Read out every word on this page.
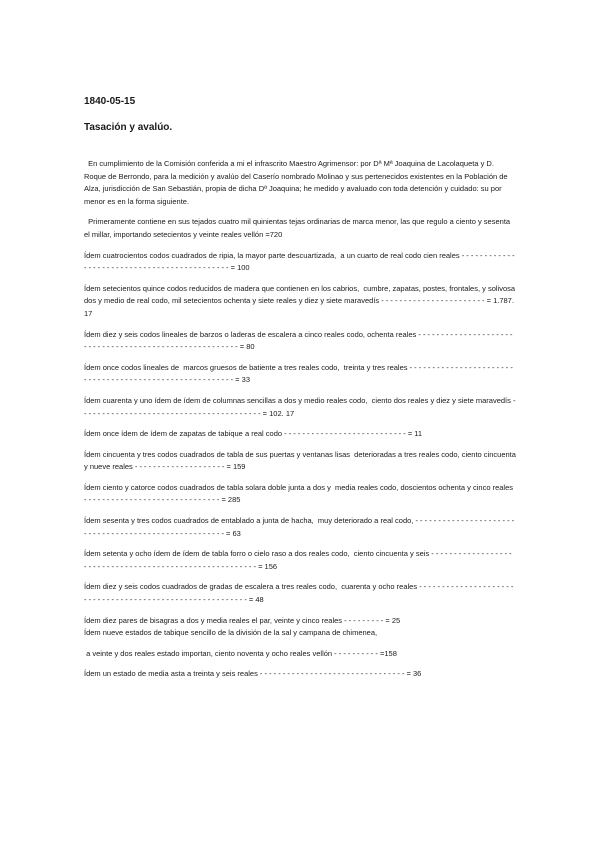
1840-05-15

Tasación y avalúo.

En cumplimiento de la Comisión conferida a mi el infrascrito Maestro Agrimensor: por Dª Mª Joaquina de Lacolaqueta y D. Roque de Berrondo, para la medición y avalúo del Caserío nombrado Molinao y sus pertenecidos existentes en la Población de Alza, jurisdicción de San Sebastián, propia de dicha Dª Joaquina; he medido y avaluado con toda detención y cuidado: su por menor es en la forma siguiente.

Primeramente contiene en sus tejados cuatro mil quinientas tejas ordinarias de marca menor, las que regulo a ciento y sesenta el millar, importando setecientos y veinte reales vellón =720

Ídem cuatrocientos codos cuadrados de ripia, la mayor parte descuartizada,  a un cuarto de real codo cien reales - - - - - - - - - - - - - - - - - - - - - - - - - - - - - - - - - - - - - - - - - - - - = 100

Ídem setecientos quince codos reducidos de madera que contienen en los cabrios,  cumbre, zapatas, postes, frontales, y solivosa dos y medio de real codo, mil setecientos ochenta y siete reales y diez y siete maravedís - - - - - - - - - - - - - - - - - - - - - - - = 1.787. 17

Ídem diez y seis codos lineales de barzos o laderas de escalera a cinco reales codo, ochenta reales - - - - - - - - - - - - - - - - - - - - - - - - - - - - - - - - - - - - - - - - - - - - - - - - - - - - - - - = 80

Ídem once codos lineales de  marcos gruesos de batiente a tres reales codo,  treinta y tres reales - - - - - - - - - - - - - - - - - - - - - - - - - - - - - - - - - - - - - - - - - - - - - - - - - - - - - - - - = 33

Ídem cuarenta y uno ídem de ídem de columnas sencillas a dos y medio reales codo,  ciento dos reales y diez y siete maravedís - - - - - - - - - - - - - - - - - - - - - - - - - - - - - - - - - - - - - - - - = 102. 17

Ídem once ídem de ídem de zapatas de tabique a real codo - - - - - - - - - - - - - - - - - - - - - - - - - - - = 11

Ídem cincuenta y tres codos cuadrados de tabla de sus puertas y ventanas lisas  deterioradas a tres reales codo, ciento cincuenta y nueve reales - - - - - - - - - - - - - - - - - - - - = 159

Ídem ciento y catorce codos cuadrados de tabla solara doble junta a dos y  media reales codo, doscientos ochenta y cinco reales - - - - - - - - - - - - - - - - - - - - - - - - - - - - - - = 285

Ídem sesenta y tres codos cuadrados de entablado a junta de hacha,  muy deteriorado a real codo, - - - - - - - - - - - - - - - - - - - - - - - - - - - - - - - - - - - - - - - - - - - - - - - - - - - - - = 63

Ídem setenta y ocho ídem de ídem de tabla forro o cielo raso a dos reales codo,  ciento cincuenta y seis - - - - - - - - - - - - - - - - - - - - - - - - - - - - - - - - - - - - - - - - - - - - - - - - - - - - - - - - = 156

Ídem diez y seis codos cuadrados de gradas de escalera a tres reales codo,  cuarenta y ocho reales - - - - - - - - - - - - - - - - - - - - - - - - - - - - - - - - - - - - - - - - - - - - - - - - - - - - - - - - - = 48

Ídem diez pares de bisagras a dos y media reales el par, veinte y cinco reales - - - - - - - - - = 25
Ídem nueve estados de tabique sencillo de la división de la sal y campana de chimenea,

a veinte y dos reales estado importan, ciento noventa y ocho reales vellón - - - - - - - - - - =158

Ídem un estado de media asta a treinta y seis reales - - - - - - - - - - - - - - - - - - - - - - - - - - - - - - - - = 36
